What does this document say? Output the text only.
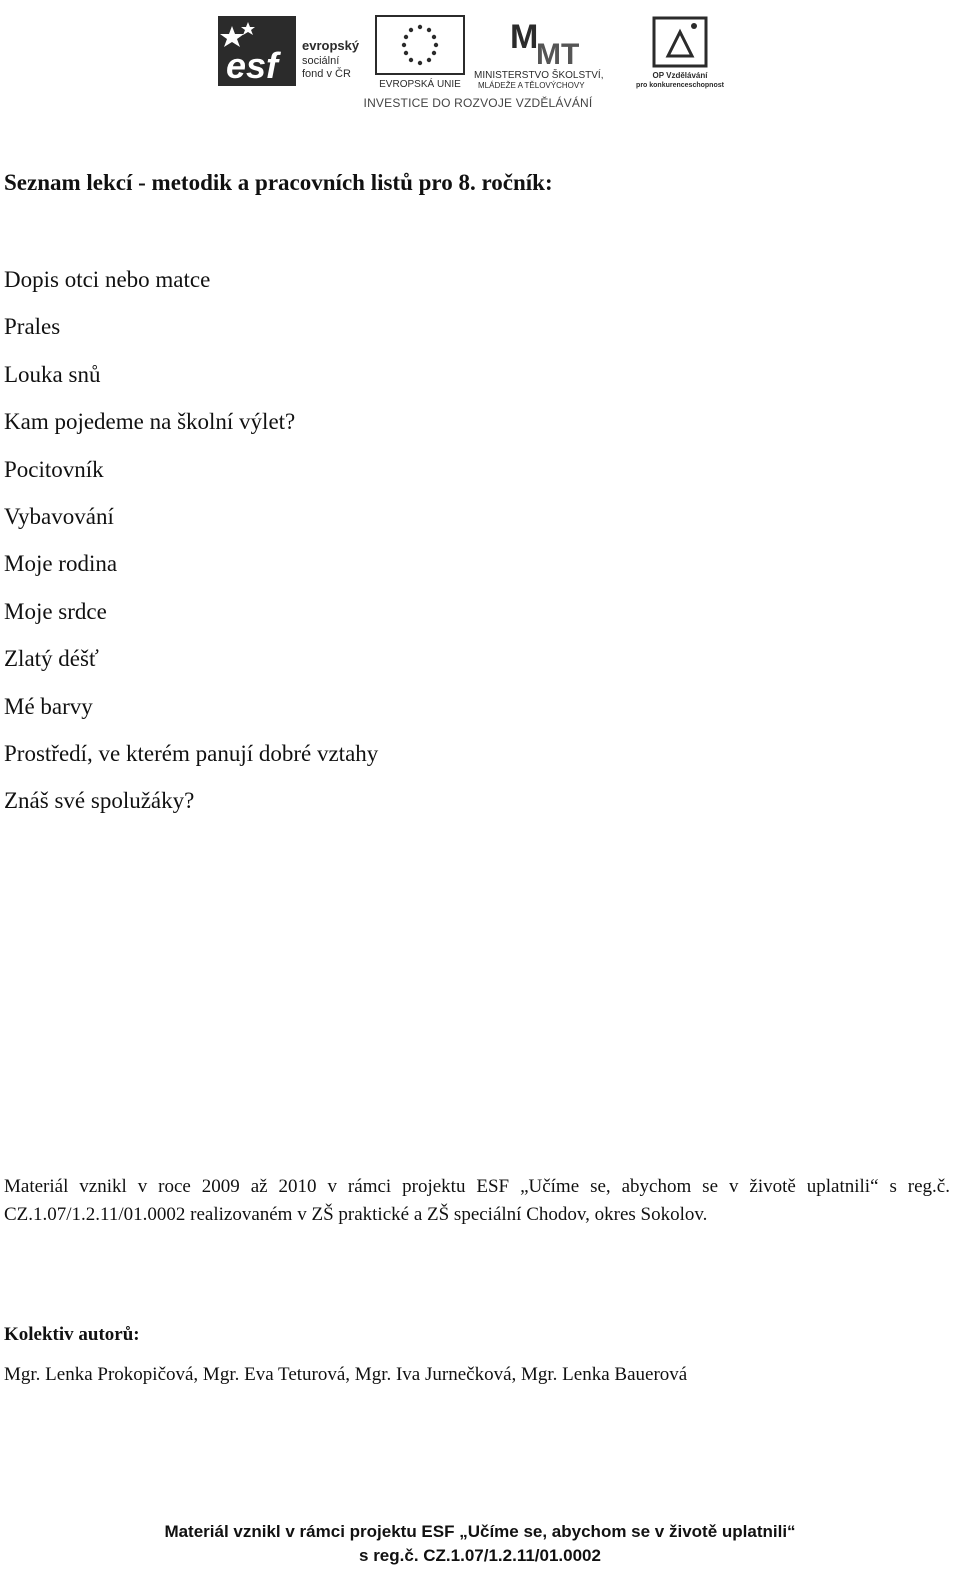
esf evropský
sociální
fond v ČR
EVROPSKÁ UNIE
M
MT
MINISTERSTVO ŠKOLSTVÍ,
MLÁDEŽE A TĚLOVÝCHOVY
OP Vzdělávání
pro konkurenceschopnost
INVESTICE DO ROZVOJE VZDĚLÁVÁNÍ
Seznam lekcí - metodik a pracovních listů pro 8. ročník:
Dopis otci nebo matce
Prales
Louka snů
Kam pojedeme na školní výlet?
Pocitovník
Vybavování
Moje rodina
Moje srdce
Zlatý déšť
Mé barvy
Prostředí, ve kterém panují dobré vztahy
Znáš své spolužáky?
Materiál vznikl v roce 2009 až 2010 v rámci projektu ESF „Učíme se, abychom se v životě uplatnili“ s reg.č. CZ.1.07/1.2.11/01.0002 realizovaném v ZŠ praktické a ZŠ speciální Chodov, okres Sokolov.
Kolektiv autorů:
Mgr. Lenka Prokopičová, Mgr. Eva Teturová, Mgr. Iva Jurnečková, Mgr. Lenka Bauerová
Materiál vznikl v rámci projektu ESF „Učíme se, abychom se v životě uplatnili“
s reg.č. CZ.1.07/1.2.11/01.0002
